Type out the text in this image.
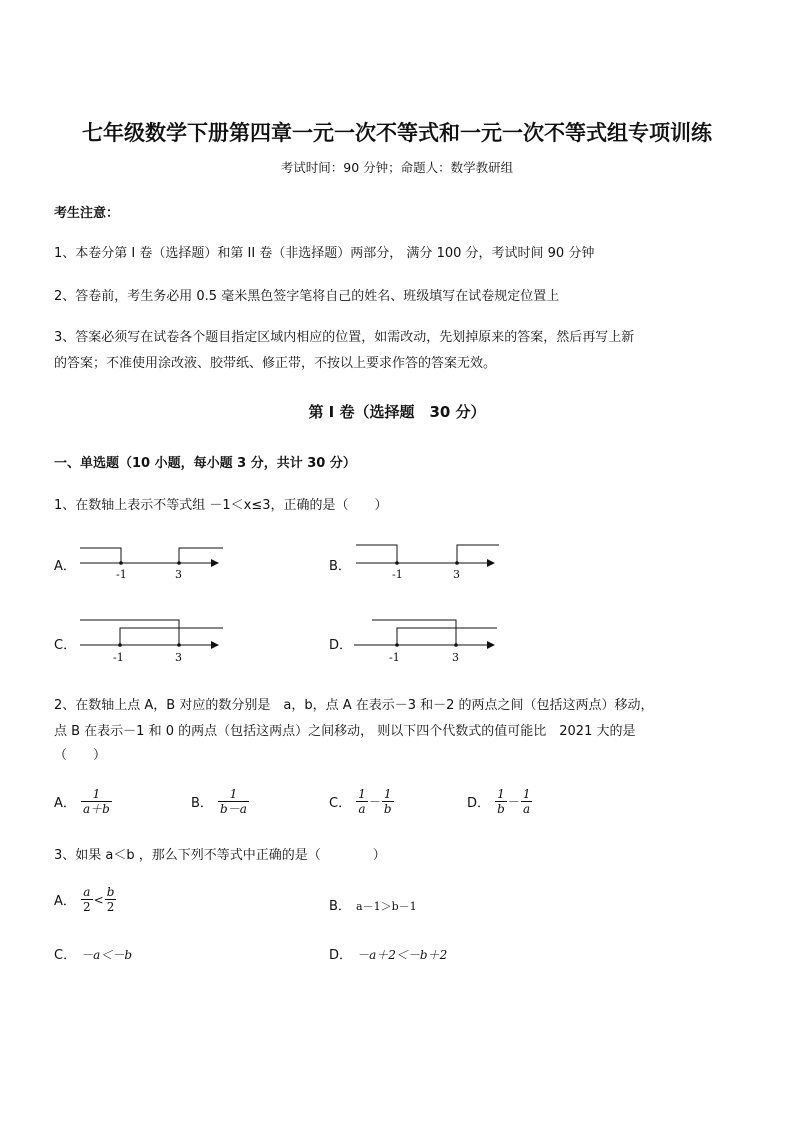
七年级数学下册第四章一元一次不等式和一元一次不等式组专项训练
考试时间：90 分钟；命题人：数学教研组
考生注意：
1、本卷分第 I 卷（选择题）和第 II 卷（非选择题）两部分， 满分 100 分，考试时间 90 分钟
2、答卷前，考生务必用 0.5 毫米黑色签字笔将自己的姓名、班级填写在试卷规定位置上
3、答案必须写在试卷各个题目指定区域内相应的位置，如需改动，先划掉原来的答案，然后再写上新
的答案；不准使用涂改液、胶带纸、修正带，不按以上要求作答的答案无效。
第 I 卷（选择题　30 分）
一、单选题（10 小题，每小题 3 分，共计 30 分）
1、在数轴上表示不等式组 －1＜x≤3，正确的是（　　）
A．
-1	3
B．
-1	3
C．
-1	3
D．
-1	3
2、在数轴上点 A，B 对应的数分别是　a，b，点 A 在表示－3 和－2 的两点之间（包括这两点）移动，
点 B 在表示－1 和 0 的两点（包括这两点）之间移动， 则以下四个代数式的值可能比　2021 大的是
（　　）
A． $\frac{1}{a+b}$	B． $\frac{1}{b-a}$	C． $\frac{1}{a} - \frac{1}{b}$	D． $\frac{1}{b} - \frac{1}{a}$
3、如果 a＜b ，那么下列不等式中正确的是（　　　　）
A． $\frac{a}{2} < \frac{b}{2}$	B． a－1＞b－1
C． －a＜－b	D． －a＋2＜－b＋2
